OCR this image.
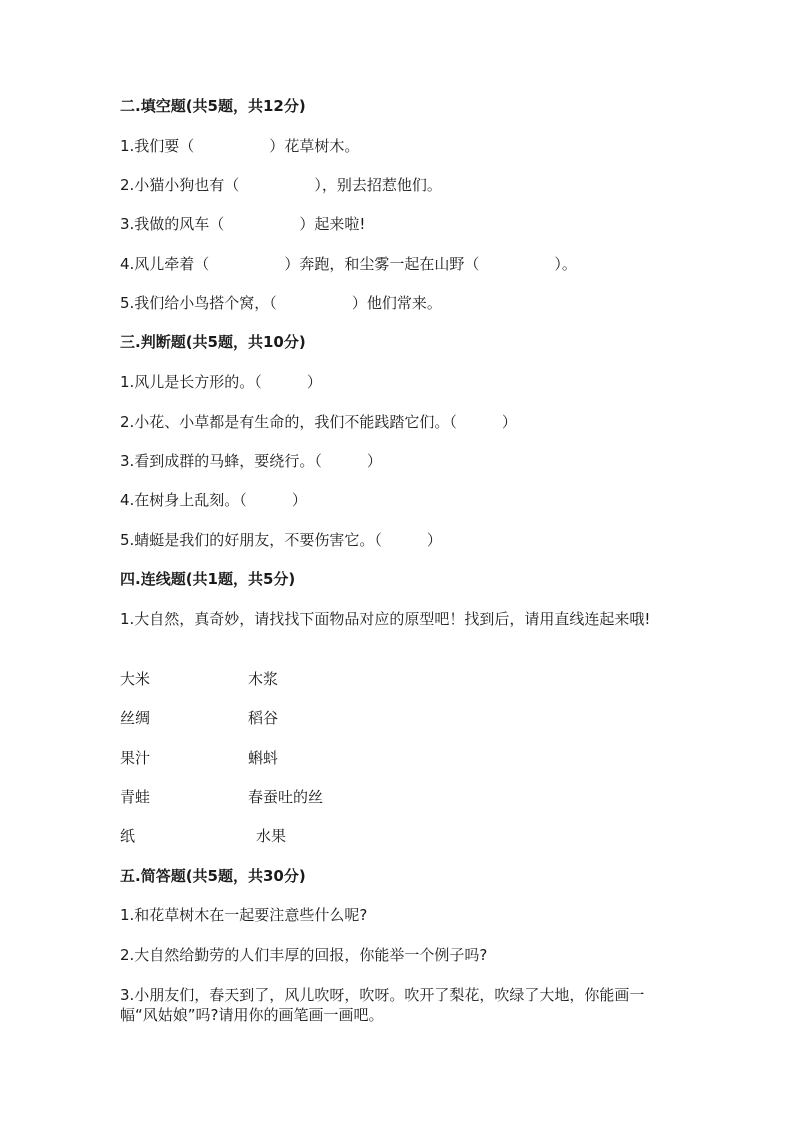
二.填空题(共5题，共12分)
1.我们要（　　　　　）花草树木。
2.小猫小狗也有（　　　　　），别去招惹他们。
3.我做的风车（　　　　　）起来啦!
4.风儿牵着（　　　　　）奔跑，和尘雾一起在山野（　　　　　）。
5.我们给小鸟搭个窝，（　　　　　）他们常来。
三.判断题(共5题，共10分)
1.风儿是长方形的。（　　　）
2.小花、小草都是有生命的，我们不能践踏它们。（　　　）
3.看到成群的马蜂，要绕行。（　　　）
4.在树身上乱刻。（　　　）
5.蜻蜓是我们的好朋友，不要伤害它。（　　　）
四.连线题(共1题，共5分)
1.大自然，真奇妙，请找找下面物品对应的原型吧！找到后，请用直线连起来哦!
大米	木浆
丝绸	稻谷
果汁	蝌蚪
青蛙	春蚕吐的丝
纸	水果
五.简答题(共5题，共30分)
1.和花草树木在一起要注意些什么呢?
2.大自然给勤劳的人们丰厚的回报，你能举一个例子吗?
3.小朋友们，春天到了，风儿吹呀，吹呀。吹开了梨花，吹绿了大地，你能画一幅“风姑娘”吗?请用你的画笔画一画吧。
